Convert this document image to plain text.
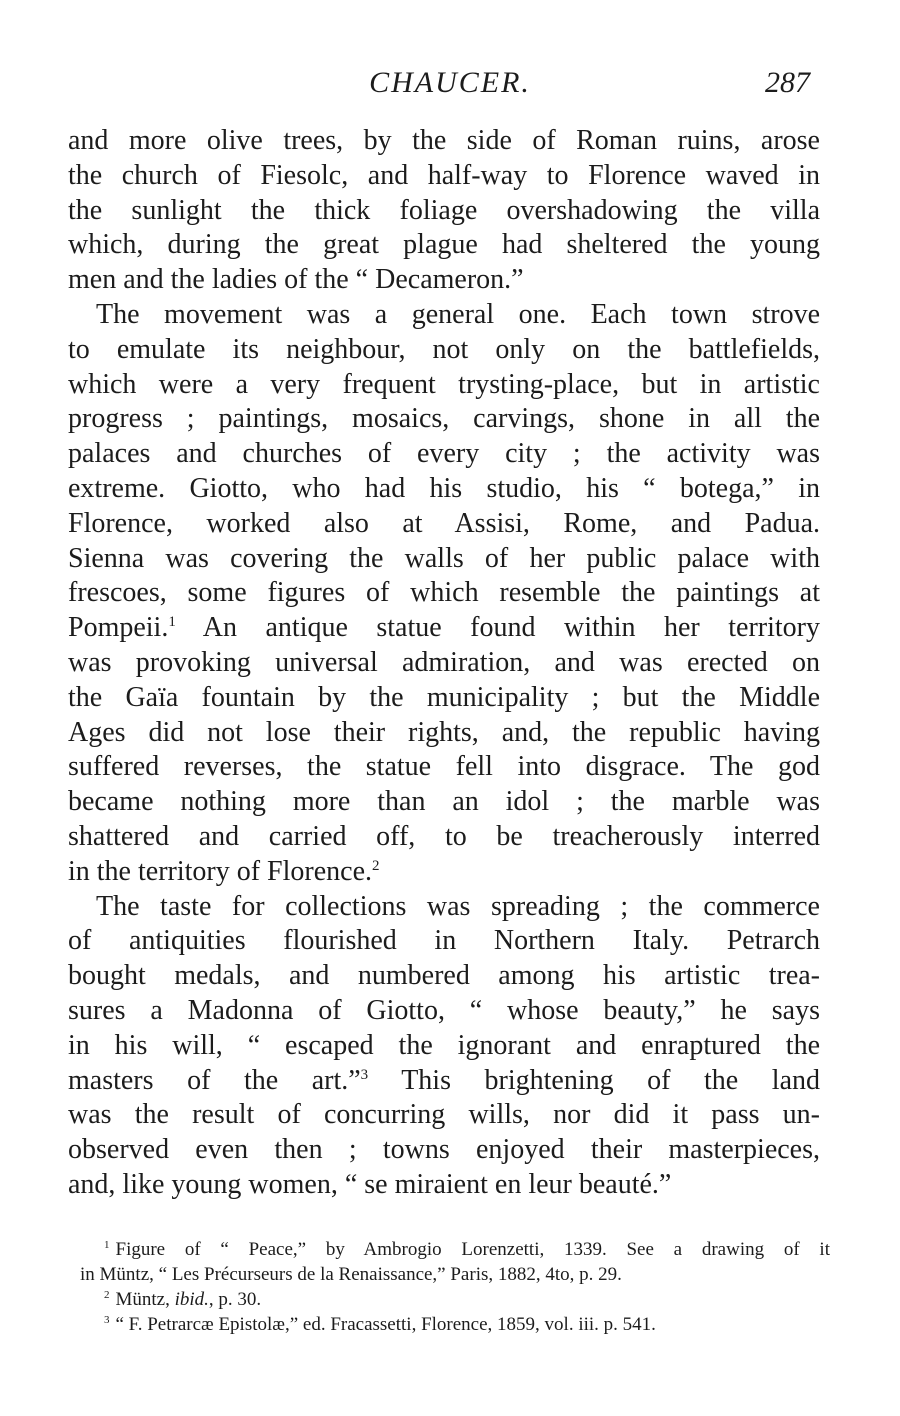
CHAUCER.	287
and more olive trees, by the side of Roman ruins, arose
the church of Fiesolc, and half-way to Florence waved in
the sunlight the thick foliage overshadowing the villa
which, during the great plague had sheltered the young
men and the ladies of the “ Decameron.”
The movement was a general one. Each town strove
to emulate its neighbour, not only on the battlefields,
which were a very frequent trysting-place, but in artistic
progress ; paintings, mosaics, carvings, shone in all the
palaces and churches of every city ; the activity was
extreme. Giotto, who had his studio, his “ botega,” in
Florence, worked also at Assisi, Rome, and Padua.
Sienna was covering the walls of her public palace with
frescoes, some figures of which resemble the paintings at
Pompeii.$^1$ An antique statue found within her territory
was provoking universal admiration, and was erected on
the Gaïa fountain by the municipality ; but the Middle
Ages did not lose their rights, and, the republic having
suffered reverses, the statue fell into disgrace. The god
became nothing more than an idol ; the marble was
shattered and carried off, to be treacherously interred
in the territory of Florence.$^2$
The taste for collections was spreading ; the commerce
of antiquities flourished in Northern Italy. Petrarch
bought medals, and numbered among his artistic trea-
sures a Madonna of Giotto, “ whose beauty,” he says
in his will, “ escaped the ignorant and enraptured the
masters of the art.”$^3$ This brightening of the land
was the result of concurring wills, nor did it pass un-
observed even then ; towns enjoyed their masterpieces,
and, like young women, “ se miraient en leur beauté.”
$^1$ Figure of “ Peace,” by Ambrogio Lorenzetti, 1339. See a drawing of it
in Müntz, “ Les Précurseurs de la Renaissance,” Paris, 1882, 4to, p. 29.
$^2$ Müntz, ibid., p. 30.
$^3$ “ F. Petrarcæ Epistolæ,” ed. Fracassetti, Florence, 1859, vol. iii. p. 541.
